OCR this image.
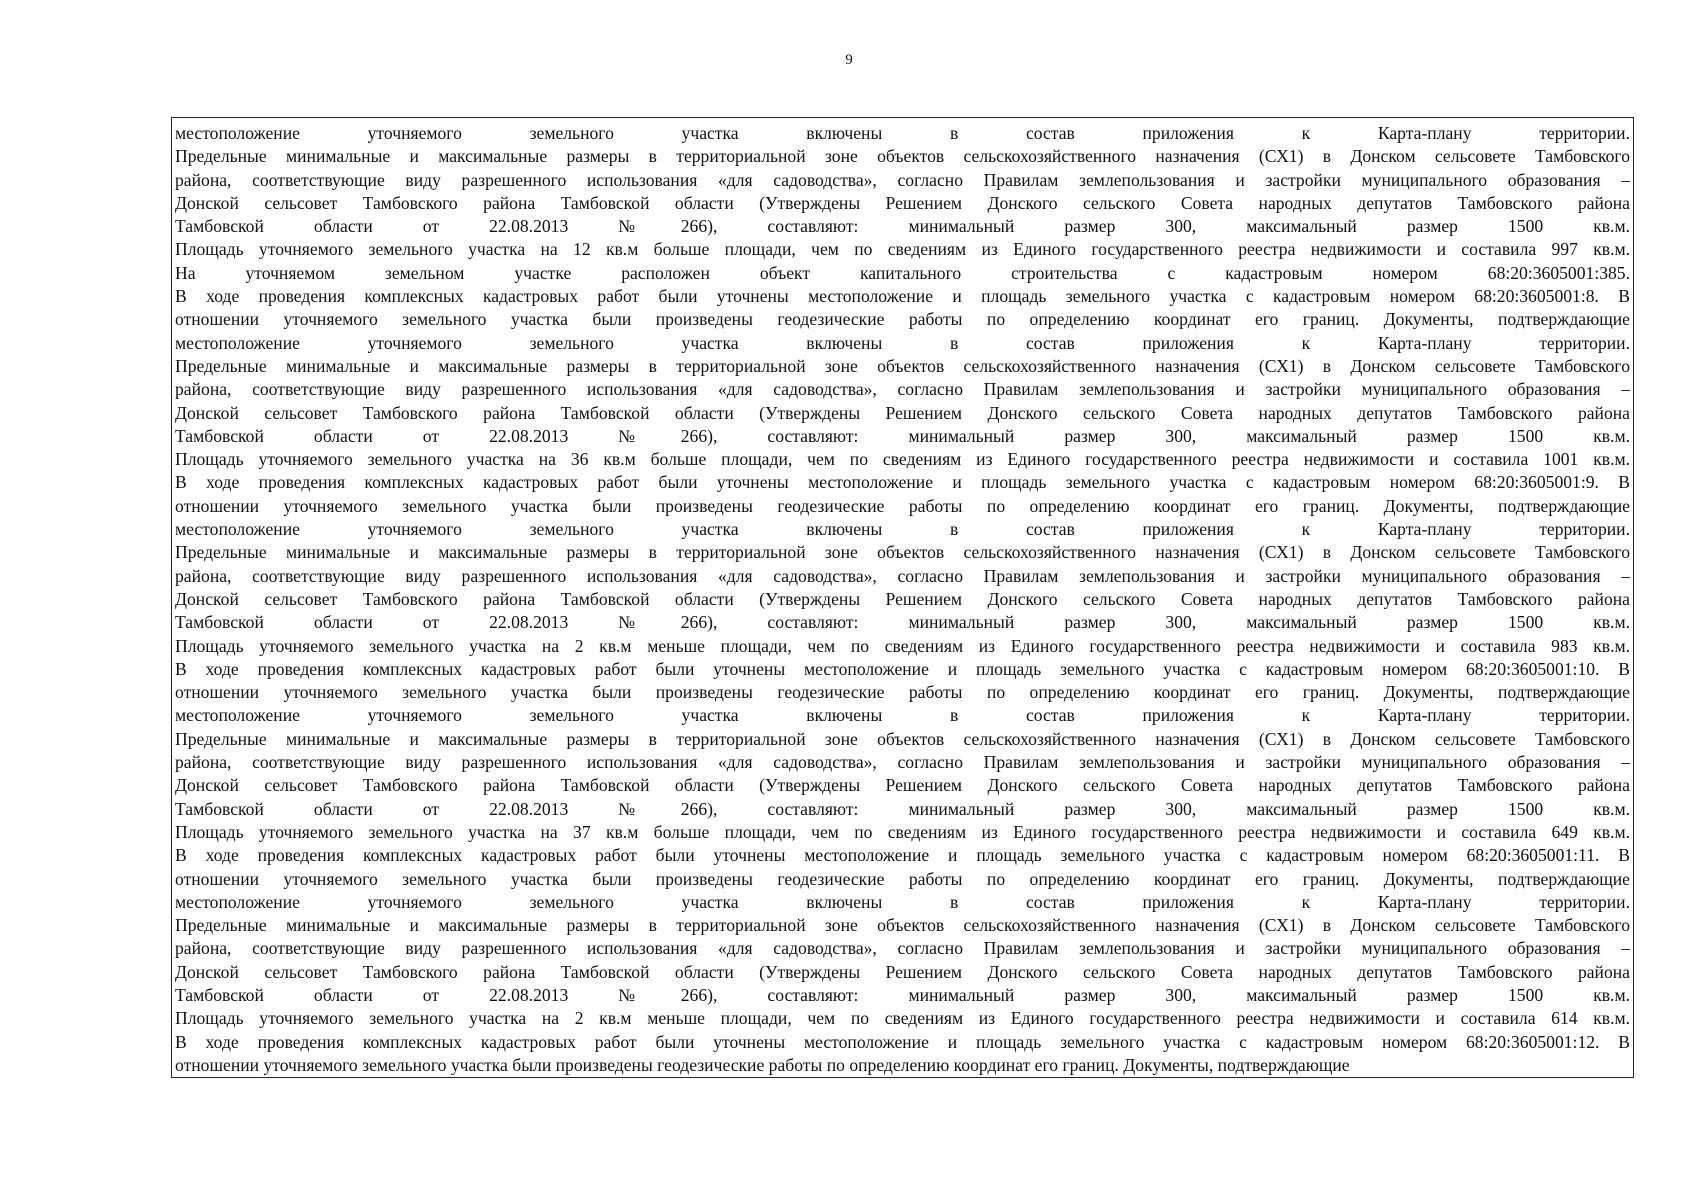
9
местоположение уточняемого земельного участка включены в состав приложения к Карта-плану территории.
Предельные минимальные и максимальные размеры в территориальной зоне объектов сельскохозяйственного назначения (СХ1) в Донском сельсовете Тамбовского
района, соответствующие виду разрешенного использования «для садоводства», согласно Правилам землепользования и застройки муниципального образования –
Донской сельсовет Тамбовского района Тамбовской области (Утверждены Решением Донского сельского Совета народных депутатов Тамбовского района
Тамбовской области от 22.08.2013 №266), составляют: минимальный размер 300, максимальный размер 1500 кв.м.
Площадь уточняемого земельного участка на 12 кв.м больше площади, чем по сведениям из Единого государственного реестра недвижимости и составила 997 кв.м.
На уточняемом земельном участке расположен объект капитального строительства с кадастровым номером 68:20:3605001:385.
В ходе проведения комплексных кадастровых работ были уточнены местоположение и площадь земельного участка с кадастровым номером 68:20:3605001:8. В
отношении уточняемого земельного участка были произведены геодезические работы по определению координат его границ. Документы, подтверждающие
местоположение уточняемого земельного участка включены в состав приложения к Карта-плану территории.
Предельные минимальные и максимальные размеры в территориальной зоне объектов сельскохозяйственного назначения (СХ1) в Донском сельсовете Тамбовского
района, соответствующие виду разрешенного использования «для садоводства», согласно Правилам землепользования и застройки муниципального образования –
Донской сельсовет Тамбовского района Тамбовской области (Утверждены Решением Донского сельского Совета народных депутатов Тамбовского района
Тамбовской области от 22.08.2013 №266), составляют: минимальный размер 300, максимальный размер 1500 кв.м.
Площадь уточняемого земельного участка на 36 кв.м больше площади, чем по сведениям из Единого государственного реестра недвижимости и составила 1001 кв.м.
В ходе проведения комплексных кадастровых работ были уточнены местоположение и площадь земельного участка с кадастровым номером 68:20:3605001:9. В
отношении уточняемого земельного участка были произведены геодезические работы по определению координат его границ. Документы, подтверждающие
местоположение уточняемого земельного участка включены в состав приложения к Карта-плану территории.
Предельные минимальные и максимальные размеры в территориальной зоне объектов сельскохозяйственного назначения (СХ1) в Донском сельсовете Тамбовского
района, соответствующие виду разрешенного использования «для садоводства», согласно Правилам землепользования и застройки муниципального образования –
Донской сельсовет Тамбовского района Тамбовской области (Утверждены Решением Донского сельского Совета народных депутатов Тамбовского района
Тамбовской области от 22.08.2013 №266), составляют: минимальный размер 300, максимальный размер 1500 кв.м.
Площадь уточняемого земельного участка на 2 кв.м меньше площади, чем по сведениям из Единого государственного реестра недвижимости и составила 983 кв.м.
В ходе проведения комплексных кадастровых работ были уточнены местоположение и площадь земельного участка с кадастровым номером 68:20:3605001:10. В
отношении уточняемого земельного участка были произведены геодезические работы по определению координат его границ. Документы, подтверждающие
местоположение уточняемого земельного участка включены в состав приложения к Карта-плану территории.
Предельные минимальные и максимальные размеры в территориальной зоне объектов сельскохозяйственного назначения (СХ1) в Донском сельсовете Тамбовского
района, соответствующие виду разрешенного использования «для садоводства», согласно Правилам землепользования и застройки муниципального образования –
Донской сельсовет Тамбовского района Тамбовской области (Утверждены Решением Донского сельского Совета народных депутатов Тамбовского района
Тамбовской области от 22.08.2013 №266), составляют: минимальный размер 300, максимальный размер 1500 кв.м.
Площадь уточняемого земельного участка на 37 кв.м больше площади, чем по сведениям из Единого государственного реестра недвижимости и составила 649 кв.м.
В ходе проведения комплексных кадастровых работ были уточнены местоположение и площадь земельного участка с кадастровым номером 68:20:3605001:11. В
отношении уточняемого земельного участка были произведены геодезические работы по определению координат его границ. Документы, подтверждающие
местоположение уточняемого земельного участка включены в состав приложения к Карта-плану территории.
Предельные минимальные и максимальные размеры в территориальной зоне объектов сельскохозяйственного назначения (СХ1) в Донском сельсовете Тамбовского
района, соответствующие виду разрешенного использования «для садоводства», согласно Правилам землепользования и застройки муниципального образования –
Донской сельсовет Тамбовского района Тамбовской области (Утверждены Решением Донского сельского Совета народных депутатов Тамбовского района
Тамбовской области от 22.08.2013 №266), составляют: минимальный размер 300, максимальный размер 1500 кв.м.
Площадь уточняемого земельного участка на 2 кв.м меньше площади, чем по сведениям из Единого государственного реестра недвижимости и составила 614 кв.м.
В ходе проведения комплексных кадастровых работ были уточнены местоположение и площадь земельного участка с кадастровым номером 68:20:3605001:12. В
отношении уточняемого земельного участка были произведены геодезические работы по определению координат его границ. Документы, подтверждающие
